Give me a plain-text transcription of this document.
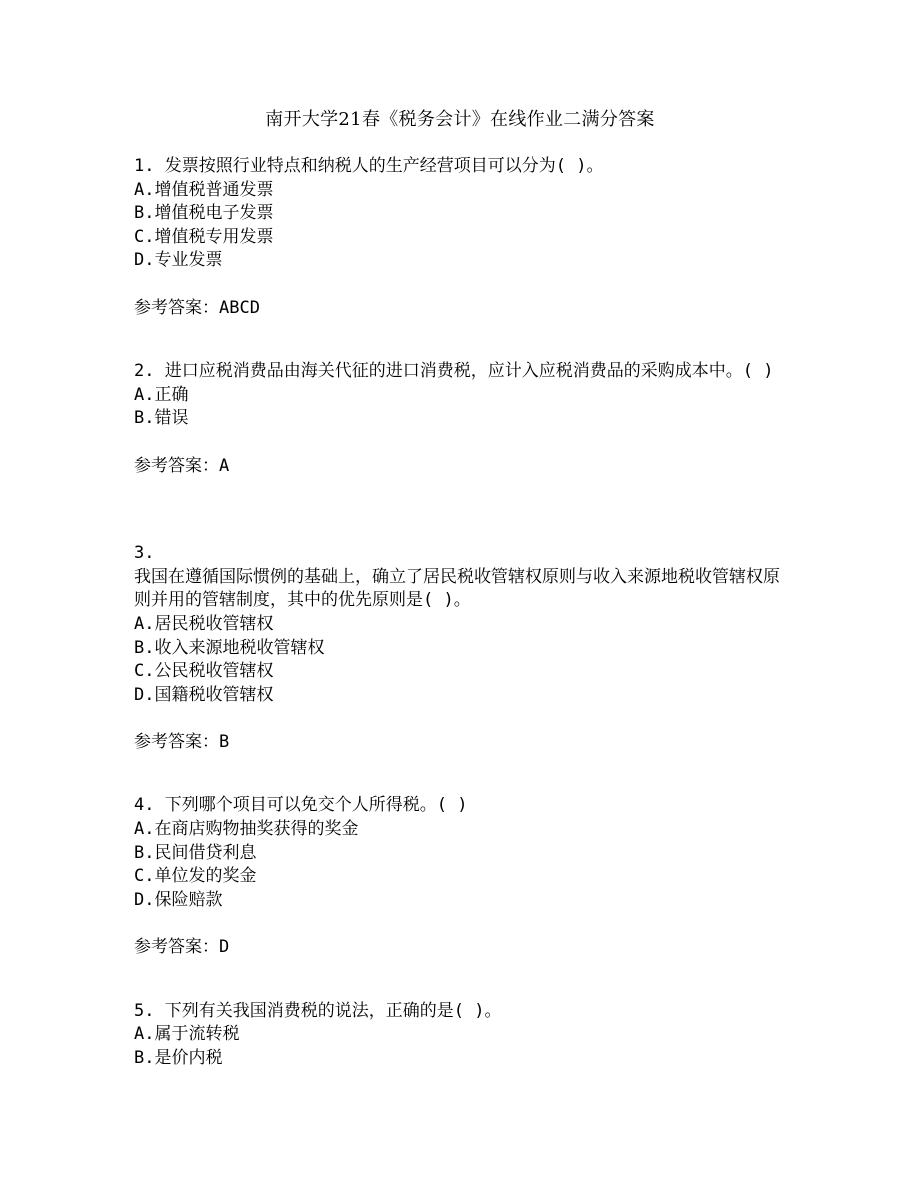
南开大学21春《税务会计》在线作业二满分答案

1. 发票按照行业特点和纳税人的生产经营项目可以分为( )。

A.增值税普通发票

B.增值税电子发票

C.增值税专用发票

D.专业发票

参考答案：ABCD

2. 进口应税消费品由海关代征的进口消费税，应计入应税消费品的采购成本中。( )

A.正确

B.错误

参考答案：A

3.

我国在遵循国际惯例的基础上，确立了居民税收管辖权原则与收入来源地税收管辖权原则并用的管辖制度，其中的优先原则是( )。

A.居民税收管辖权

B.收入来源地税收管辖权

C.公民税收管辖权

D.国籍税收管辖权

参考答案：B

4. 下列哪个项目可以免交个人所得税。( )

A.在商店购物抽奖获得的奖金

B.民间借贷利息

C.单位发的奖金

D.保险赔款

参考答案：D

5. 下列有关我国消费税的说法，正确的是( )。

A.属于流转税

B.是价内税
